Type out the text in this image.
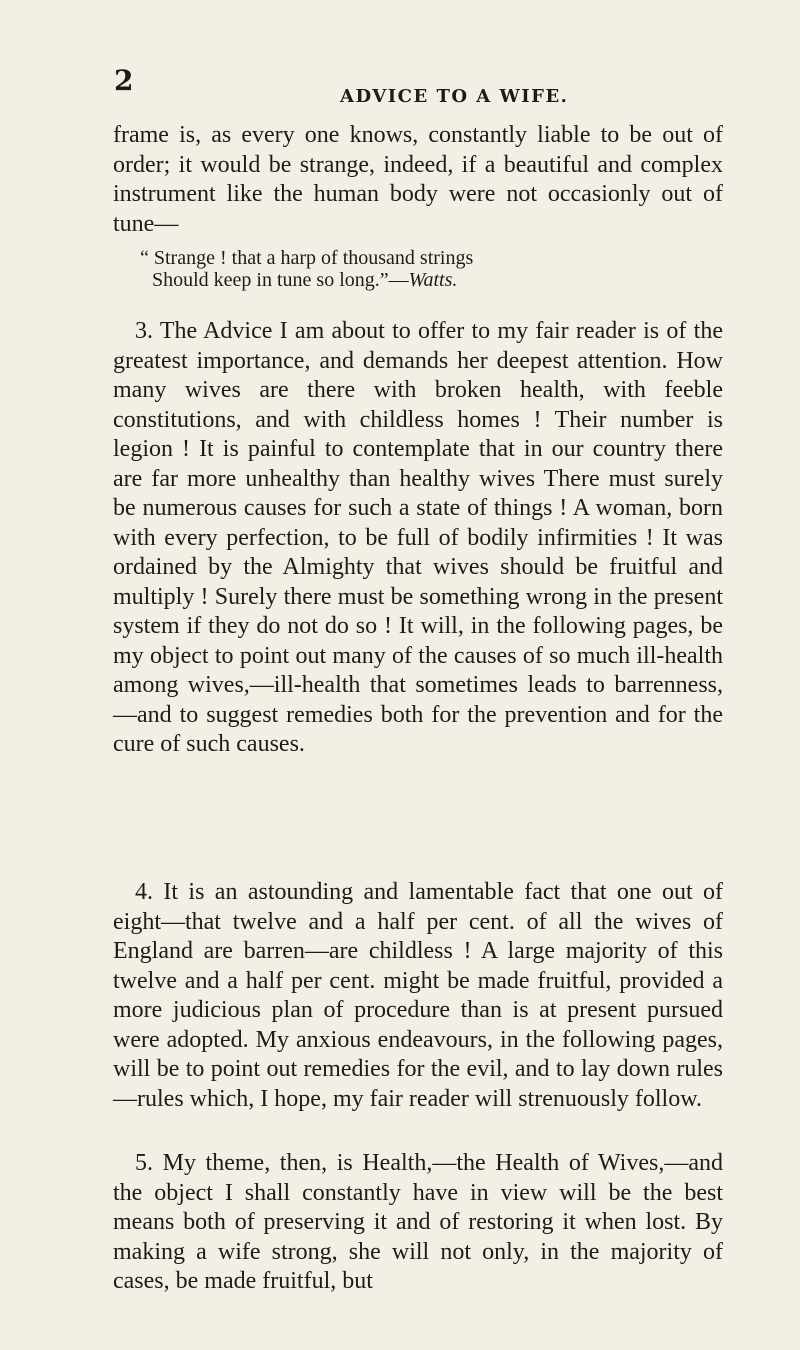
2	ADVICE TO A WIFE.

frame is, as every one knows, constantly liable to be out of order; it would be strange, indeed, if a beautiful and complex instrument like the human body were not occasionly out of tune—

“ Strange ! that a harp of thousand strings
Should keep in tune so long.”—Watts.

3. The Advice I am about to offer to my fair reader is of the greatest importance, and demands her deepest attention. How many wives are there with broken health, with feeble constitutions, and with childless homes ! Their number is legion ! It is painful to contemplate that in our country there are far more unhealthy than healthy wives There must surely be numerous causes for such a state of things ! A woman, born with every perfection, to be full of bodily infirmities ! It was ordained by the Almighty that wives should be fruitful and multiply ! Surely there must be something wrong in the present system if they do not do so ! It will, in the following pages, be my object to point out many of the causes of so much ill-health among wives,—ill-health that sometimes leads to barrenness,—and to suggest remedies both for the prevention and for the cure of such causes.

4. It is an astounding and lamentable fact that one out of eight—that twelve and a half per cent. of all the wives of England are barren—are childless ! A large majority of this twelve and a half per cent. might be made fruitful, provided a more judicious plan of procedure than is at present pursued were adopted. My anxious endeavours, in the following pages, will be to point out remedies for the evil, and to lay down rules—rules which, I hope, my fair reader will strenuously follow.

5. My theme, then, is Health,—the Health of Wives,—and the object I shall constantly have in view will be the best means both of preserving it and of restoring it when lost. By making a wife strong, she will not only, in the majority of cases, be made fruitful, but
